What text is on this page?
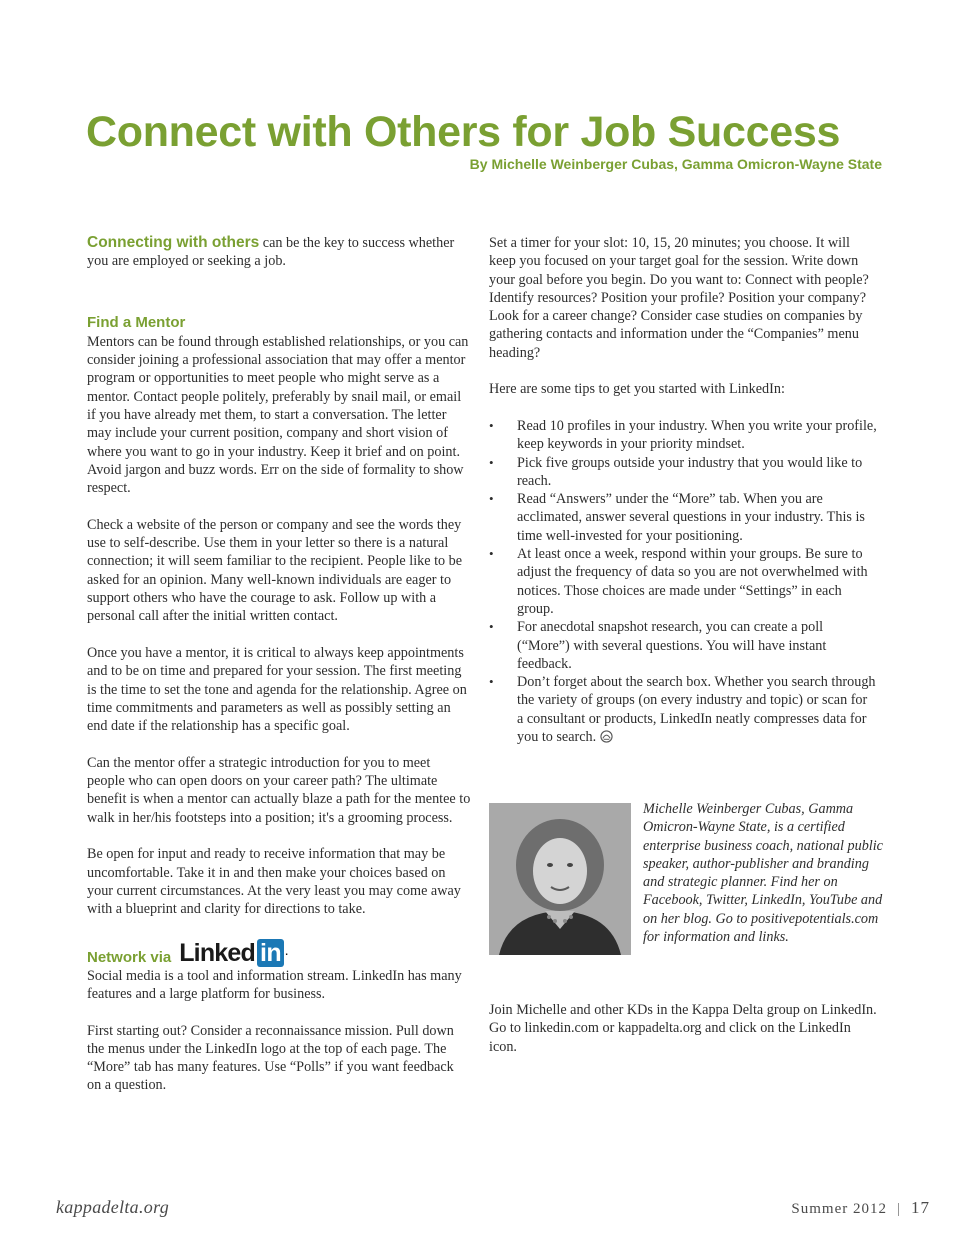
Connect with Others for Job Success
By Michelle Weinberger Cubas, Gamma Omicron-Wayne State

Connecting with others can be the key to success whether you are employed or seeking a job.

Find a Mentor

Mentors can be found through established relationships, or you can consider joining a professional association that may offer a mentor program or opportunities to meet people who might serve as a mentor. Contact people politely, preferably by snail mail, or email if you have already met them, to start a conversation. The letter may include your current position, company and short vision of where you want to go in your industry. Keep it brief and on point. Avoid jargon and buzz words. Err on the side of formality to show respect.

Check a website of the person or company and see the words they use to self-describe. Use them in your letter so there is a natural connection; it will seem familiar to the recipient. People like to be asked for an opinion. Many well-known individuals are eager to support others who have the courage to ask. Follow up with a personal call after the initial written contact.

Once you have a mentor, it is critical to always keep appointments and to be on time and prepared for your session. The first meeting is the time to set the tone and agenda for the relationship. Agree on time commitments and parameters as well as possibly setting an end date if the relationship has a specific goal.

Can the mentor offer a strategic introduction for you to meet people who can open doors on your career path? The ultimate benefit is when a mentor can actually blaze a path for the mentee to walk in her/his footsteps into a position; it's a grooming process.

Be open for input and ready to receive information that may be uncomfortable. Take it in and then make your choices based on your current circumstances. At the very least you may come away with a blueprint and clarity for directions to take.

Network via Linked in .

Social media is a tool and information stream. LinkedIn has many features and a large platform for business.

First starting out? Consider a reconnaissance mission. Pull down the menus under the LinkedIn logo at the top of each page. The “More” tab has many features. Use “Polls” if you want feedback on a question.

Set a timer for your slot: 10, 15, 20 minutes; you choose. It will keep you focused on your target goal for the session. Write down your goal before you begin. Do you want to: Connect with people? Identify resources? Position your profile? Position your company? Look for a career change? Consider case studies on companies by gathering contacts and information under the “Companies” menu heading?

Here are some tips to get you started with LinkedIn:

• Read 10 profiles in your industry. When you write your profile, keep keywords in your priority mindset.
• Pick five groups outside your industry that you would like to reach.
• Read “Answers” under the “More” tab. When you are acclimated, answer several questions in your industry. This is time well-invested for your positioning.
• At least once a week, respond within your groups. Be sure to adjust the frequency of data so you are not overwhelmed with notices. Those choices are made under “Settings” in each group.
• For anecdotal snapshot research, you can create a poll (“More”) with several questions. You will have instant feedback.
• Don’t forget about the search box. Whether you search through the variety of groups (on every industry and topic) or scan for a consultant or products, LinkedIn neatly compresses data for you to search.
Michelle Weinberger Cubas, Gamma Omicron-Wayne State, is a certified enterprise business coach, national public speaker, author-publisher and branding and strategic planner. Find her on Facebook, Twitter, LinkedIn, YouTube and on her blog. Go to positivepotentials.com for information and links.
Join Michelle and other KDs in the Kappa Delta group on LinkedIn. Go to linkedin.com or kappadelta.org and click on the LinkedIn icon.
kappadelta.org	Summer 2012 | 17
